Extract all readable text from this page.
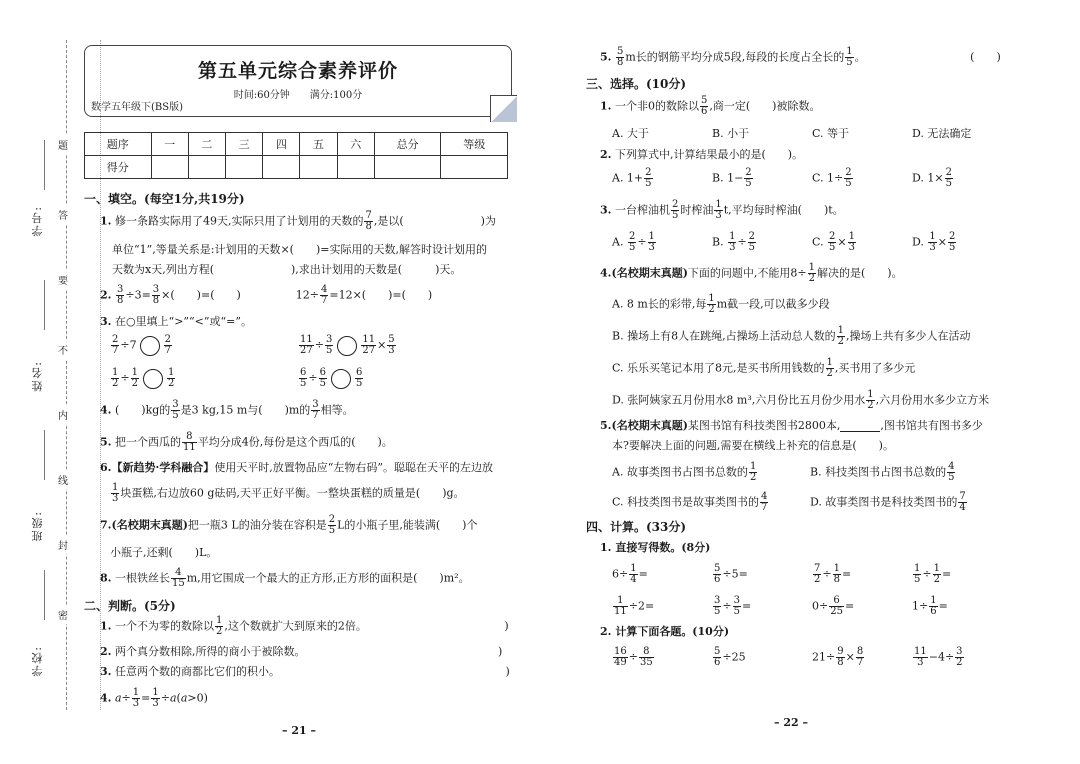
学号:
姓名:
班级:
学校:
题
答
要
不
内
线
封
密
第五单元综合素养评价
时间:60分钟　　满分:100分
数学五年级下(BS版)
题序	一	二	三	四	五	六	总分	等级
得分								
一、填空。(每空1分,共19分)
1. 修一条路实际用了49天,实际只用了计划用的天数的 $\frac{7}{8}$ ,是以(　　　　　　　)为
单位“1”,等量关系是:计划用的天数×(　　)=实际用的天数,解答时设计划用的
天数为x天,列出方程(　　　　　　　),求出计划用的天数是(　　　)天。
2. $\frac{3}{8} \div 3= \frac{3}{8}$ ×(　　)=(　　)　　　　　$12\div \frac{4}{7} =12\times$(　　)=(　　)
3. 在○里填上“>”“<”或“=”。
$\frac{2}{7} \div 7$	$\frac{2}{7}$	$\frac{11}{27} \div \frac{3}{5}$	$\frac{11}{27} \times \frac{5}{3}$
$\frac{1}{2} \div \frac{1}{2}$	$\frac{1}{2}$	$\frac{6}{5} \div \frac{6}{5}$	$\frac{6}{5}$
4. (　　)kg的 $\frac{3}{5}$ 是3 kg,15 m与(　　)m的 $\frac{3}{7}$ 相等。
5. 把一个西瓜的 $\frac{8}{11}$ 平均分成4份,每份是这个西瓜的(　　)。
6.【新趋势·学科融合】使用天平时,放置物品应“左物右码”。聪聪在天平的左边放
$\frac{1}{3}$ 块蛋糕,右边放60 g砝码,天平正好平衡。一整块蛋糕的质量是(　　)g。
7.(名校期末真题)把一瓶3 L的油分装在容积是 $\frac{2}{5}$ L的小瓶子里,能装满(　　)个
小瓶子,还剩(　　)L。
8. 一根铁丝长 $\frac{4}{15} m$,用它围成一个最大的正方形,正方形的面积是(　　)m²。
二、判断。(5分)
1. 一个不为零的数除以 $\frac{1}{2}$ ,这个数就扩大到原来的2倍。　　　　　　　　　　　　　)
2. 两个真分数相除,所得的商小于被除数。　　　　　　　　　　　　　　　　　　)
3. 任意两个数的商都比它们的积小。　　　　　　　　　　　　　　　　　　　　　)
4. $a\div \frac{1}{3} = \frac{1}{3} \div a(a>0)$
– 21 –
5. $\frac{5}{8}$ m长的钢筋平均分成5段,每段的长度占全长的 $\frac{1}{5}$ 。　　　　　　　　　　(　　)
三、选择。(10分)
1. 一个非0的数除以 $\frac{5}{6}$ ,商一定(　　)被除数。
A. 大于	B. 小于	C. 等于	D. 无法确定
2. 下列算式中,计算结果最小的是(　　)。
A. $1+ \frac{2}{5}$	B. $1- \frac{2}{5}$	C. $1\div \frac{2}{5}$	D. $1\times \frac{2}{5}$
3. 一台榨油机 $\frac{2}{5}$ 时榨油 $\frac{1}{3} t$,平均每时榨油(　　)t。
A. $\frac{2}{5} \div \frac{1}{3}$	B. $\frac{1}{3} \div \frac{2}{5}$	C. $\frac{2}{5} \times \frac{1}{3}$	D. $\frac{1}{3} \times \frac{2}{5}$
4.(名校期末真题)下面的问题中,不能用$8\div \frac{1}{2}$ 解决的是(　　)。
A. 8 m长的彩带,每 $\frac{1}{2}$ m截一段,可以截多少段
B. 操场上有8人在跳绳,占操场上活动总人数的 $\frac{1}{2}$ ,操场上共有多少人在活动
C. 乐乐买笔记本用了8元,是买书所用钱数的 $\frac{1}{2}$ ,买书用了多少元
D. 张阿姨家五月份用水8 m³,六月份比五月份少用水 $\frac{1}{2}$ ,六月份用水多少立方米
5.(名校期末真题)某图书馆有科技类图书2800本,	,图书馆共有图书多少
本?要解决上面的问题,需要在横线上补充的信息是(　　)。
A. 故事类图书占图书总数的 $\frac{1}{2}$	B. 科技类图书占图书总数的 $\frac{4}{5}$
C. 科技类图书是故事类图书的 $\frac{4}{7}$	D. 故事类图书是科技类图书的 $\frac{7}{4}$
四、计算。(33分)
1. 直接写得数。(8分)
$6\div \frac{1}{4}$ =	$\frac{5}{6} \div 5=$	$\frac{7}{2} \div \frac{1}{8}$ =	$\frac{1}{5} \div \frac{1}{2}$ =
$\frac{1}{11} \div 2=$	$\frac{3}{5} \div \frac{3}{5}$ =	$0\div \frac{6}{25}$ =	$1\div \frac{1}{6}$ =
2. 计算下面各题。(10分)
$\frac{16}{49} \div \frac{8}{35}$	$\frac{5}{6} \div 25$	$21\div \frac{9}{8} \times \frac{8}{7}$	$\frac{11}{3} -4\div \frac{3}{2}$
– 22 –
